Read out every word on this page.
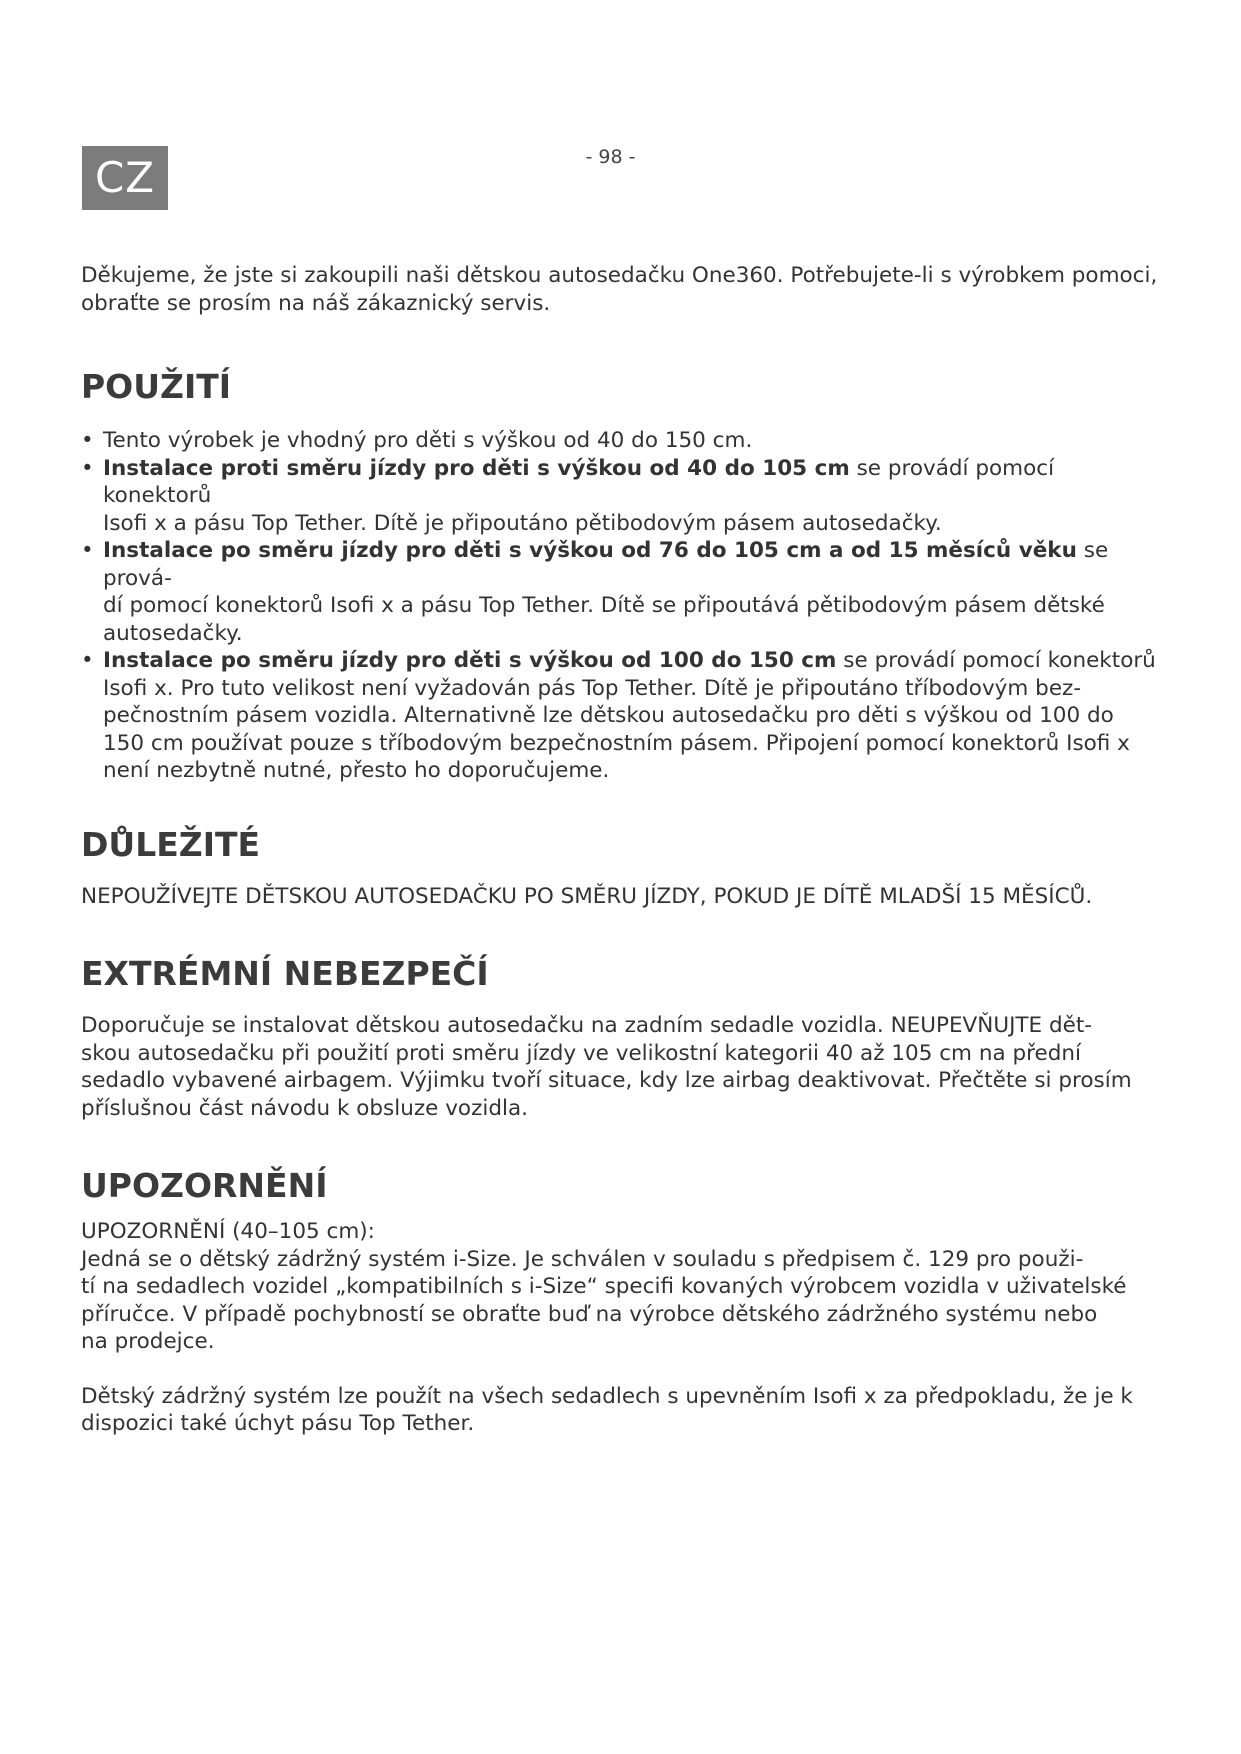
CZ	- 98 -

Děkujeme, že jste si zakoupili naši dětskou autosedačku One360. Potřebujete-li s výrobkem pomoci,
obraťte se prosím na náš zákaznický servis.

POUŽITÍ
• Tento výrobek je vhodný pro děti s výškou od 40 do 150 cm.
• Instalace proti směru jízdy pro děti s výškou od 40 do 105 cm se provádí pomocí konektorů
Isofi x a pásu Top Tether. Dítě je připoutáno pětibodovým pásem autosedačky.
• Instalace po směru jízdy pro děti s výškou od 76 do 105 cm a od 15 měsíců věku se prová-
dí pomocí konektorů Isofi x a pásu Top Tether. Dítě se připoutává pětibodovým pásem dětské
autosedačky.
• Instalace po směru jízdy pro děti s výškou od 100 do 150 cm se provádí pomocí konektorů
Isofi x. Pro tuto velikost není vyžadován pás Top Tether. Dítě je připoutáno tříbodovým bez-
pečnostním pásem vozidla. Alternativně lze dětskou autosedačku pro děti s výškou od 100 do
150 cm používat pouze s tříbodovým bezpečnostním pásem. Připojení pomocí konektorů Isofi x
není nezbytně nutné, přesto ho doporučujeme.
DŮLEŽITÉ

NEPOUŽÍVEJTE DĚTSKOU AUTOSEDAČKU PO SMĚRU JÍZDY, POKUD JE DÍTĚ MLADŠÍ 15 MĚSÍCŮ.

EXTRÉMNÍ NEBEZPEČÍ

Doporučuje se instalovat dětskou autosedačku na zadním sedadle vozidla. NEUPEVŇUJTE dět-
skou autosedačku při použití proti směru jízdy ve velikostní kategorii 40 až 105 cm na přední
sedadlo vybavené airbagem. Výjimku tvoří situace, kdy lze airbag deaktivovat. Přečtěte si prosím
příslušnou část návodu k obsluze vozidla.

UPOZORNĚNÍ

UPOZORNĚNÍ (40–105 cm):
Jedná se o dětský zádržný systém i-Size. Je schválen v souladu s předpisem č. 129 pro použi-
tí na sedadlech vozidel „kompatibilních s i-Size“ specifi kovaných výrobcem vozidla v uživatelské
příručce. V případě pochybností se obraťte buď na výrobce dětského zádržného systému nebo
na prodejce.

Dětský zádržný systém lze použít na všech sedadlech s upevněním Isofi x za předpokladu, že je k
dispozici také úchyt pásu Top Tether.
